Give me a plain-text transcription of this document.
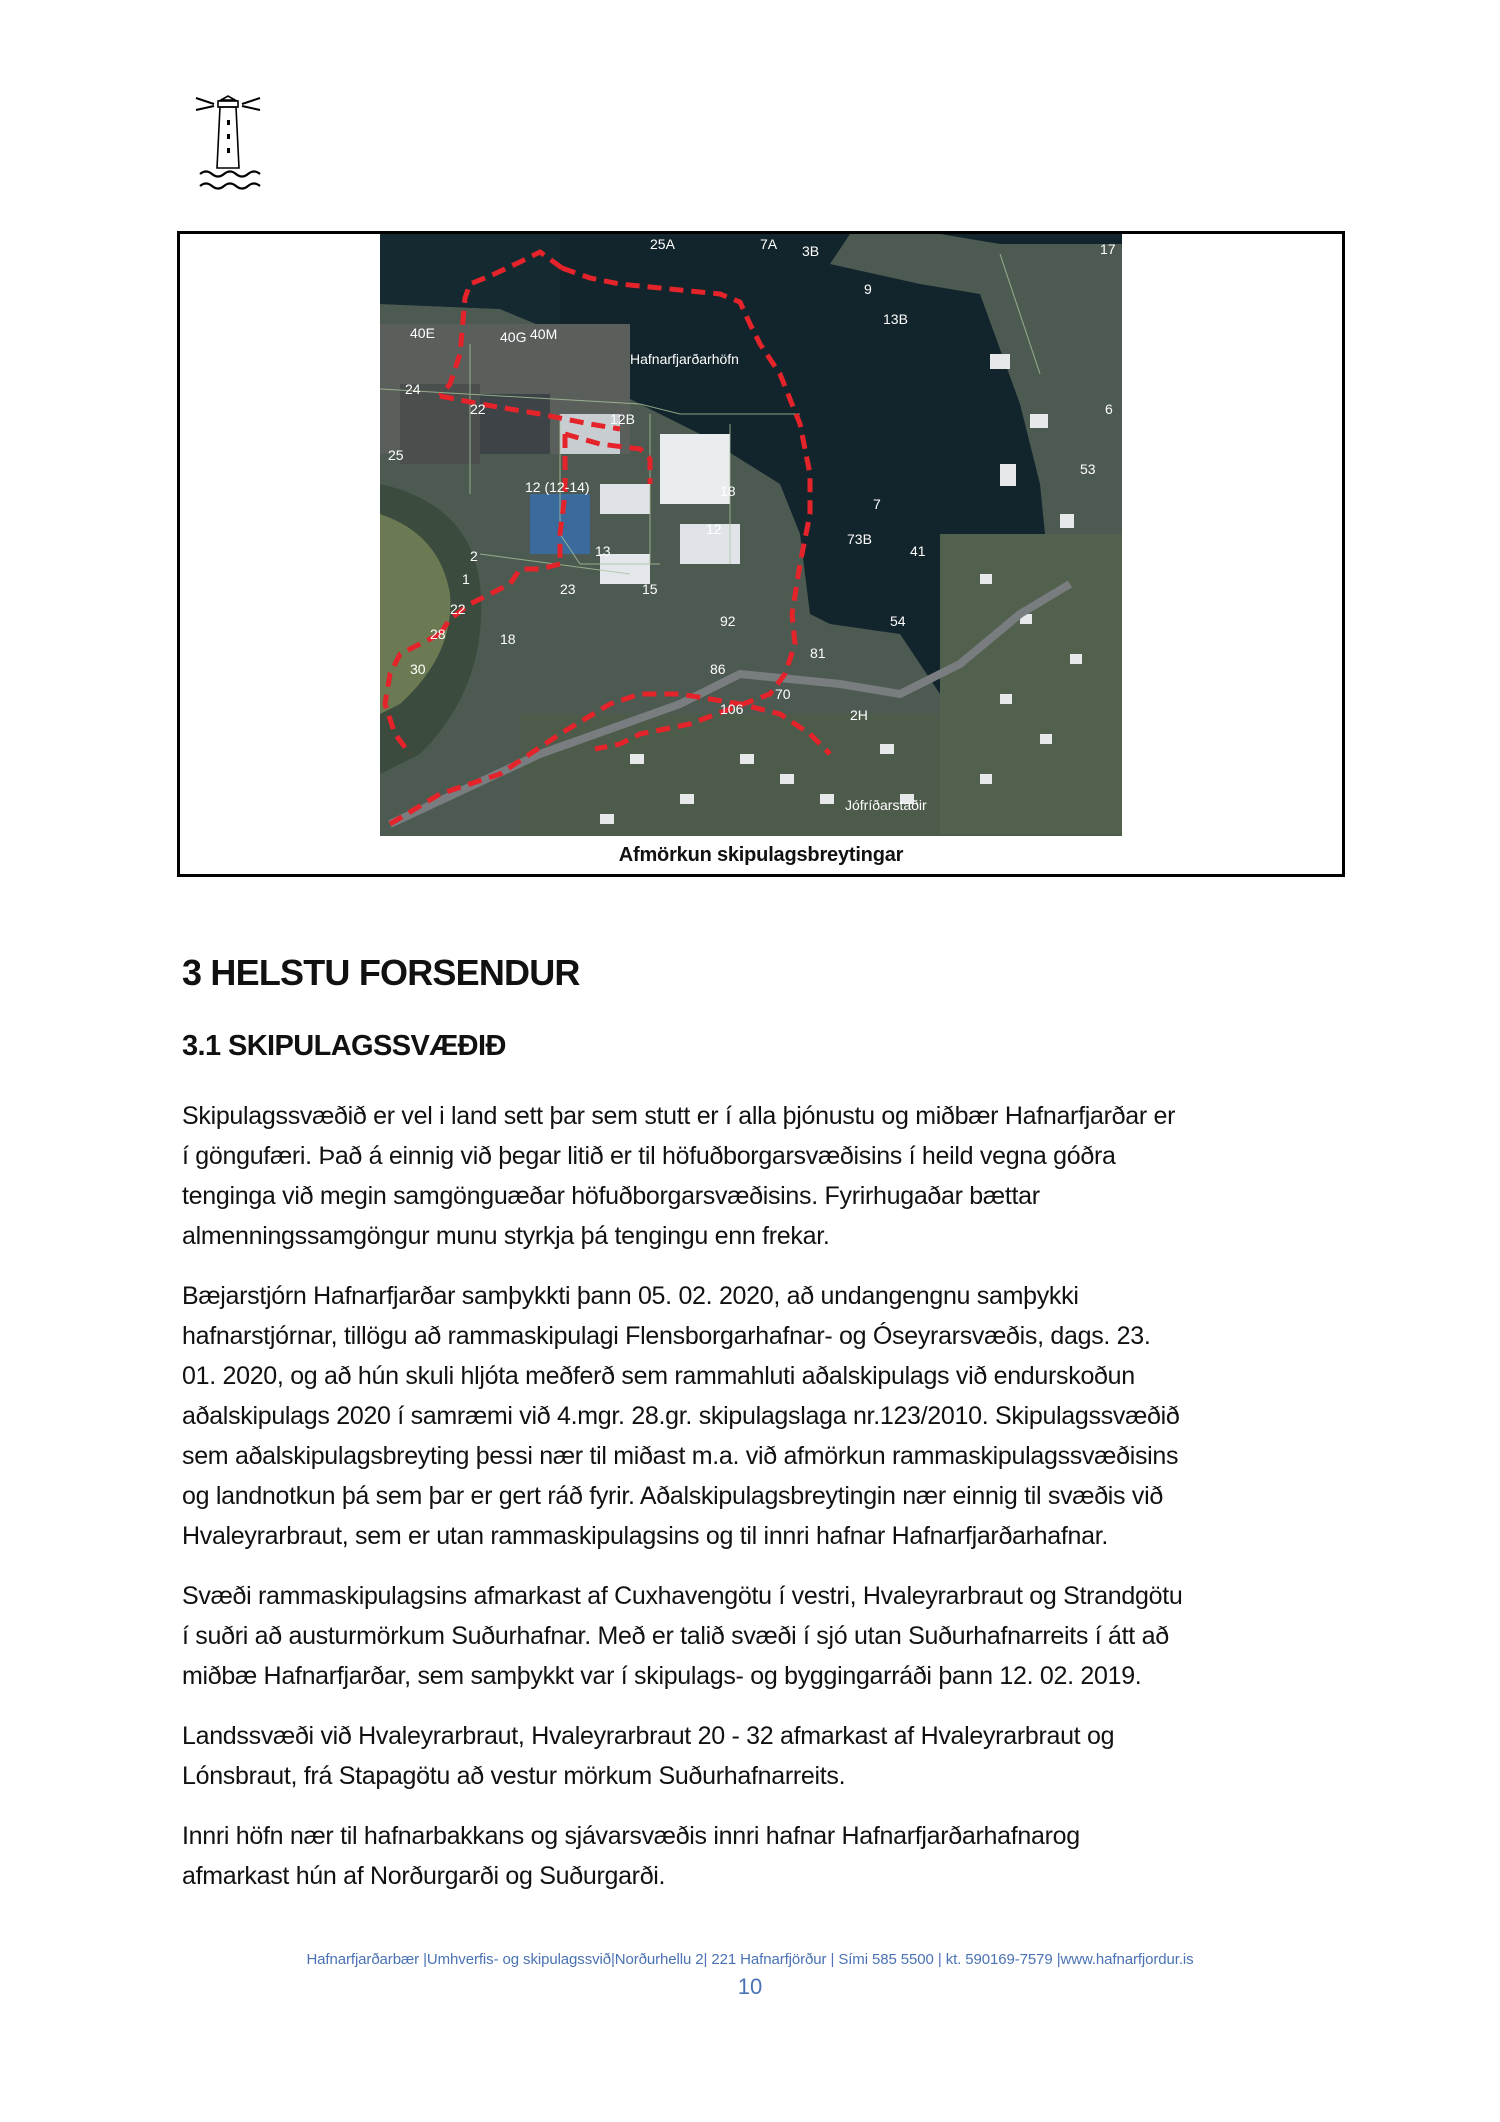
40E	40G 40M
24
22
12B
Hafnarfjarðarhöfn
25
12 (12-14)	18
2
1
13
12
22
28
23	15
30
18
92
86
70
106
81
73B
7
41
54
2H
Jófríðarstaðir
25A	7A 3B
9
13B
17
6
53
Afmörkun skipulagsbreytingar
3 HELSTU FORSENDUR
3.1 SKIPULAGSSVÆÐIÐ
Skipulagssvæðið er vel i land sett þar sem stutt er í alla þjónustu og miðbær Hafnarfjarðar er
í göngufæri. Það á einnig við þegar litið er til höfuðborgarsvæðisins í heild vegna góðra
tenginga við megin samgönguæðar höfuðborgarsvæðisins. Fyrirhugaðar bættar
almenningssamgöngur munu styrkja þá tengingu enn frekar.
Bæjarstjórn Hafnarfjarðar samþykkti þann 05. 02. 2020, að undangengnu samþykki
hafnarstjórnar, tillögu að rammaskipulagi Flensborgarhafnar- og Óseyrarsvæðis, dags. 23.
01. 2020, og að hún skuli hljóta meðferð sem rammahluti aðalskipulags við endurskoðun
aðalskipulags 2020 í samræmi við 4.mgr. 28.gr. skipulagslaga nr.123/2010. Skipulagssvæðið
sem aðalskipulagsbreyting þessi nær til miðast m.a. við afmörkun rammaskipulagssvæðisins
og landnotkun þá sem þar er gert ráð fyrir. Aðalskipulagsbreytingin nær einnig til svæðis við
Hvaleyrarbraut, sem er utan rammaskipulagsins og til innri hafnar Hafnarfjarðarhafnar.
Svæði rammaskipulagsins afmarkast af Cuxhavengötu í vestri, Hvaleyrarbraut og Strandgötu
í suðri að austurmörkum Suðurhafnar. Með er talið svæði í sjó utan Suðurhafnarreits í átt að
miðbæ Hafnarfjarðar, sem samþykkt var í skipulags- og byggingarráði þann 12. 02. 2019.
Landssvæði við Hvaleyrarbraut, Hvaleyrarbraut 20 - 32 afmarkast af Hvaleyrarbraut og
Lónsbraut, frá Stapagötu að vestur mörkum Suðurhafnarreits.
Innri höfn nær til hafnarbakkans og sjávarsvæðis innri hafnar Hafnarfjarðarhafnarog
afmarkast hún af Norðurgarði og Suðurgarði.
Hafnarfjarðarbær |Umhverfis- og skipulagssvið|Norðurhellu 2| 221 Hafnarfjörður | Sími 585 5500 | kt. 590169-7579 |www.hafnarfjordur.is
10
